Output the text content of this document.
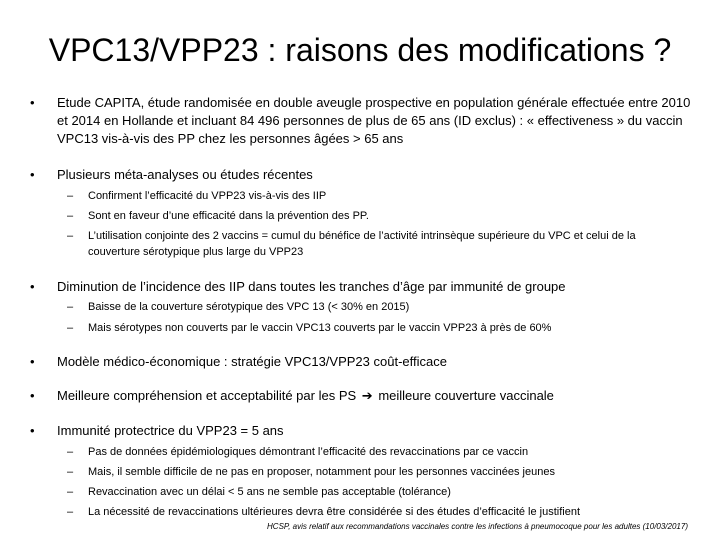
VPC13/VPP23 : raisons des modifications ?
• Etude CAPITA, étude randomisée en double aveugle prospective en population générale effectuée entre 2010 et 2014 en Hollande et incluant 84 496 personnes de plus de 65 ans (ID exclus) : « effectiveness » du vaccin VPC13 vis-à-vis des PP chez les personnes âgées > 65 ans
• Plusieurs méta-analyses ou études récentes
– Confirment l’efficacité du VPP23 vis-à-vis des IIP
– Sont en faveur d’une efficacité dans la prévention des PP.
– L’utilisation conjointe des 2 vaccins = cumul du bénéfice de l’activité intrinsèque supérieure du VPC et celui de la couverture sérotypique plus large du VPP23
• Diminution de l’incidence des IIP dans toutes les tranches d’âge par immunité de groupe
– Baisse de la couverture sérotypique des VPC 13 (< 30% en 2015)
– Mais sérotypes non couverts par le vaccin VPC13 couverts par le vaccin VPP23 à près de 60%
• Modèle médico-économique : stratégie VPC13/VPP23 coût-efficace
• Meilleure compréhension et acceptabilité par les PS ➔ meilleure couverture vaccinale
• Immunité protectrice du VPP23 = 5 ans
– Pas de données épidémiologiques démontrant l’efficacité des revaccinations par ce vaccin
– Mais, il semble difficile de ne pas en proposer, notamment pour les personnes vaccinées jeunes
– Revaccination avec un délai < 5 ans ne semble pas acceptable (tolérance)
– La nécessité de revaccinations ultérieures devra être considérée si des études d’efficacité le justifient
HCSP, avis relatif aux recommandations vaccinales contre les infections à pneumocoque pour les adultes (10/03/2017)
